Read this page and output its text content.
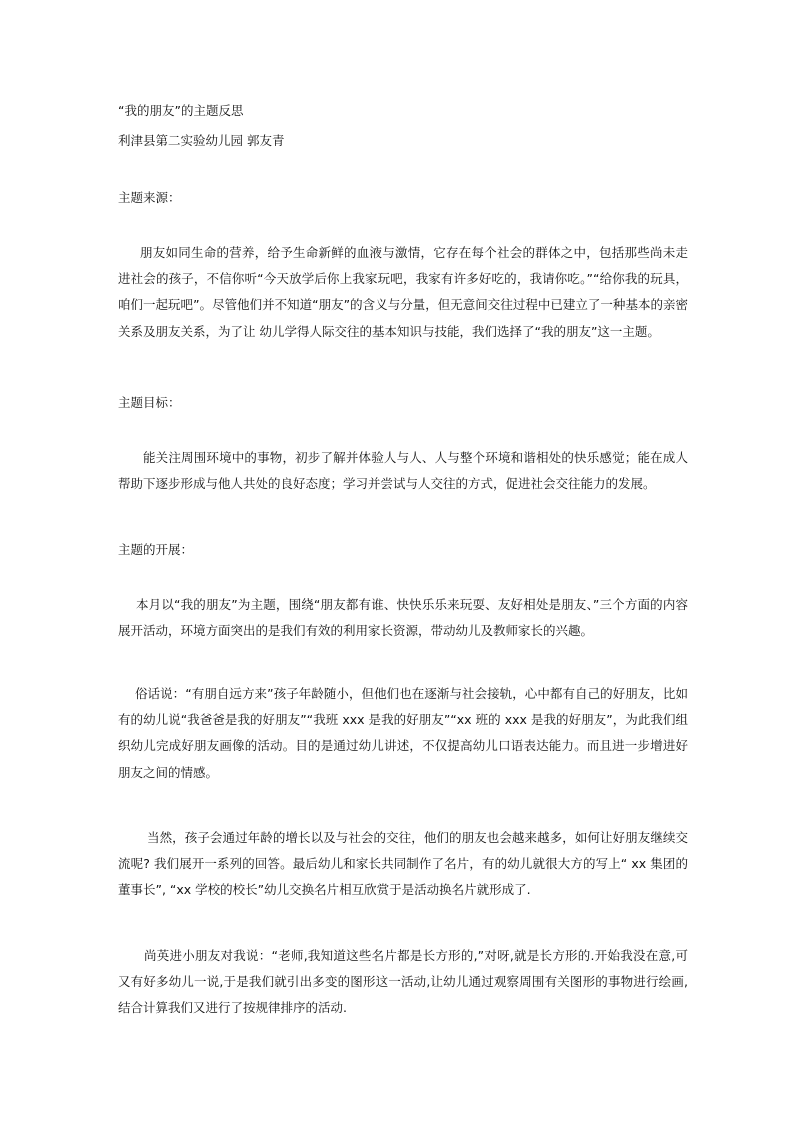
“我的朋友”的主题反思
利津县第二实验幼儿园 郭友青
主题来源：
朋友如同生命的营养，给予生命新鲜的血液与激情，它存在每个社会的群体之中，包括那些尚未走进社会的孩子，不信你听“今天放学后你上我家玩吧，我家有许多好吃的，我请你吃。”“给你我的玩具，咱们一起玩吧”。尽管他们并不知道“朋友”的含义与分量，但无意间交往过程中已建立了一种基本的亲密关系及朋友关系，为了让 幼儿学得人际交往的基本知识与技能，我们选择了“我的朋友”这一主题。
主题目标：
能关注周围环境中的事物，初步了解并体验人与人、人与整个环境和谐相处的快乐感觉；能在成人帮助下逐步形成与他人共处的良好态度；学习并尝试与人交往的方式，促进社会交往能力的发展。
主题的开展：
本月以“我的朋友”为主题，围绕“朋友都有谁、快快乐乐来玩耍、友好相处是朋友、”三个方面的内容展开活动，环境方面突出的是我们有效的利用家长资源，带动幼儿及教师家长的兴趣。
俗话说：“有朋自远方来”孩子年龄随小，但他们也在逐渐与社会接轨，心中都有自己的好朋友，比如有的幼儿说“我爸爸是我的好朋友”“我班 xxx 是我的好朋友”“xx 班的 xxx 是我的好朋友”，为此我们组织幼儿完成好朋友画像的活动。目的是通过幼儿讲述，不仅提高幼儿口语表达能力。而且进一步增进好朋友之间的情感。
当然，孩子会通过年龄的增长以及与社会的交往，他们的朋友也会越来越多，如何让好朋友继续交流呢? 我们展开一系列的回答。最后幼儿和家长共同制作了名片，有的幼儿就很大方的写上“ xx 集团的董事长”, “xx 学校的校长”幼儿交换名片相互欣赏于是活动换名片就形成了.
尚英进小朋友对我说：“老师,我知道这些名片都是长方形的,”对呀,就是长方形的.开始我没在意,可又有好多幼儿一说,于是我们就引出多变的图形这一活动,让幼儿通过观察周围有关图形的事物进行绘画,结合计算我们又进行了按规律排序的活动.
